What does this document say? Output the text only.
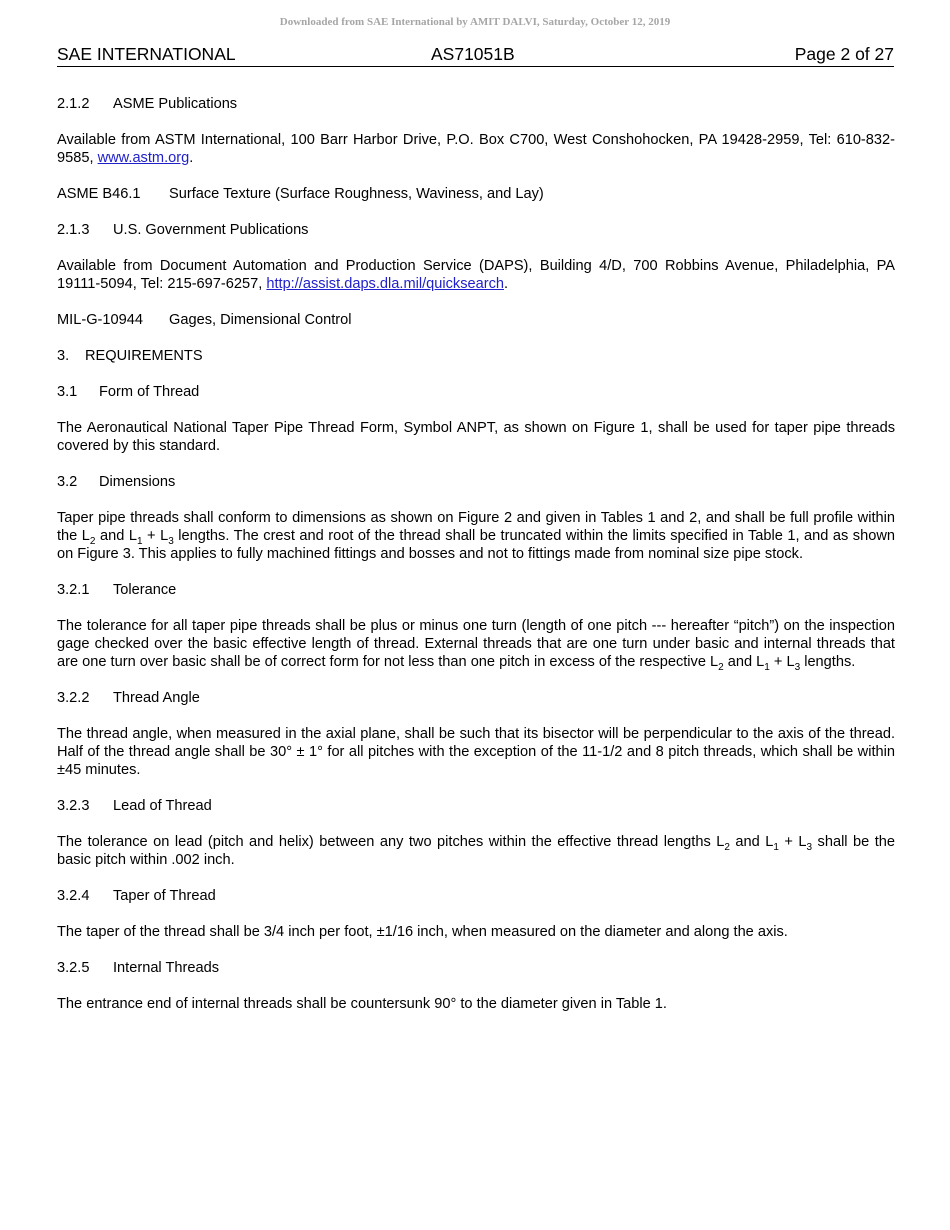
Downloaded from SAE International by AMIT DALVI, Saturday, October 12, 2019
SAE INTERNATIONAL	AS71051B	Page 2 of 27

2.1.2 ASME Publications

Available from ASTM International, 100 Barr Harbor Drive, P.O. Box C700, West Conshohocken, PA 19428-2959, Tel: 610-832-9585, www.astm.org.

ASME B46.1 Surface Texture (Surface Roughness, Waviness, and Lay)

2.1.3 U.S. Government Publications

Available from Document Automation and Production Service (DAPS), Building 4/D, 700 Robbins Avenue, Philadelphia, PA 19111-5094, Tel: 215-697-6257, http://assist.daps.dla.mil/quicksearch.

MIL-G-10944 Gages, Dimensional Control

3. REQUIREMENTS

3.1 Form of Thread

The Aeronautical National Taper Pipe Thread Form, Symbol ANPT, as shown on Figure 1, shall be used for taper pipe threads covered by this standard.

3.2 Dimensions

Taper pipe threads shall conform to dimensions as shown on Figure 2 and given in Tables 1 and 2, and shall be full profile within the $L_2$ and $L_1 + L_3$ lengths. The crest and root of the thread shall be truncated within the limits specified in Table 1, and as shown on Figure 3. This applies to fully machined fittings and bosses and not to fittings made from nominal size pipe stock.

3.2.1 Tolerance

The tolerance for all taper pipe threads shall be plus or minus one turn (length of one pitch --- hereafter “pitch”) on the inspection gage checked over the basic effective length of thread. External threads that are one turn under basic and internal threads that are one turn over basic shall be of correct form for not less than one pitch in excess of the respective $L_2$ and $L_1 + L_3$ lengths.

3.2.2 Thread Angle

The thread angle, when measured in the axial plane, shall be such that its bisector will be perpendicular to the axis of the thread. Half of the thread angle shall be 30° ± 1° for all pitches with the exception of the 11-1/2 and 8 pitch threads, which shall be within ±45 minutes.

3.2.3 Lead of Thread

The tolerance on lead (pitch and helix) between any two pitches within the effective thread lengths $L_2$ and $L_1 + L_3$ shall be the basic pitch within .002 inch.

3.2.4 Taper of Thread

The taper of the thread shall be 3/4 inch per foot, ±1/16 inch, when measured on the diameter and along the axis.

3.2.5 Internal Threads

The entrance end of internal threads shall be countersunk 90° to the diameter given in Table 1.
